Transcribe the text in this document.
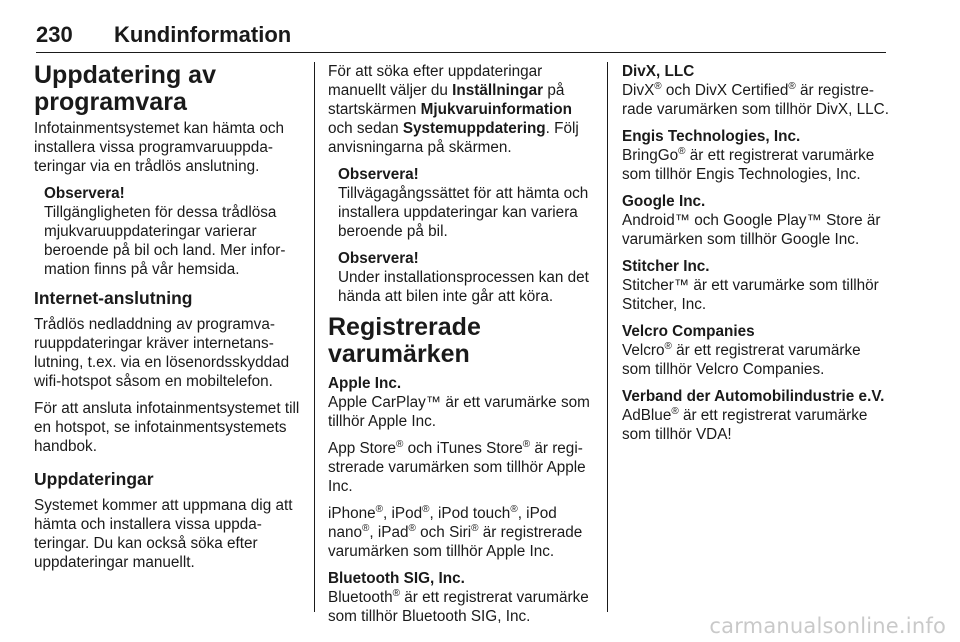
230 Kundinformation
Uppdatering av programvara

Infotainmentsystemet kan hämta och installera vissa programvaruuppdateringar via en trådlös anslutning.

Observera!
Tillgängligheten för dessa trådlösa mjukvaruuppdateringar varierar beroende på bil och land. Mer information finns på vår hemsida.
Internet-anslutning

Trådlös nedladdning av programvaruuppdateringar kräver internetanslutning, t.ex. via en lösenordsskyddad wifi-hotspot såsom en mobiltelefon.

För att ansluta infotainmentsystemet till en hotspot, se infotainmentsystemets handbok.

Uppdateringar

Systemet kommer att uppmana dig att hämta och installera vissa uppdateringar. Du kan också söka efter uppdateringar manuellt.

För att söka efter uppdateringar manuellt väljer du Inställningar på startskärmen Mjukvaruinformation och sedan Systemuppdatering. Följ anvisningarna på skärmen.

Observera!
Tillvägagångssättet för att hämta och installera uppdateringar kan variera beroende på bil.
Observera!
Under installationsprocessen kan det hända att bilen inte går att köra.
Registrerade varumärken
Apple Inc.
Apple CarPlay™ är ett varumärke som tillhör Apple Inc.

App Store® och iTunes Store® är registrerade varumärken som tillhör Apple Inc.

iPhone®, iPod®, iPod touch®, iPod nano®, iPad® och Siri® är registrerade varumärken som tillhör Apple Inc.

Bluetooth SIG, Inc.
Bluetooth® är ett registrerat varumärke som tillhör Bluetooth SIG, Inc.
DivX, LLC
DivX® och DivX Certified® är registrerade varumärken som tillhör DivX, LLC.
Engis Technologies, Inc.
BringGo® är ett registrerat varumärke som tillhör Engis Technologies, Inc.
Google Inc.
Android™ och Google Play™ Store är varumärken som tillhör Google Inc.
Stitcher Inc.
Stitcher™ är ett varumärke som tillhör Stitcher, Inc.
Velcro Companies
Velcro® är ett registrerat varumärke som tillhör Velcro Companies.
Verband der Automobilindustrie e.V.
AdBlue® är ett registrerat varumärke som tillhör VDA!
carmanualsonline.info
